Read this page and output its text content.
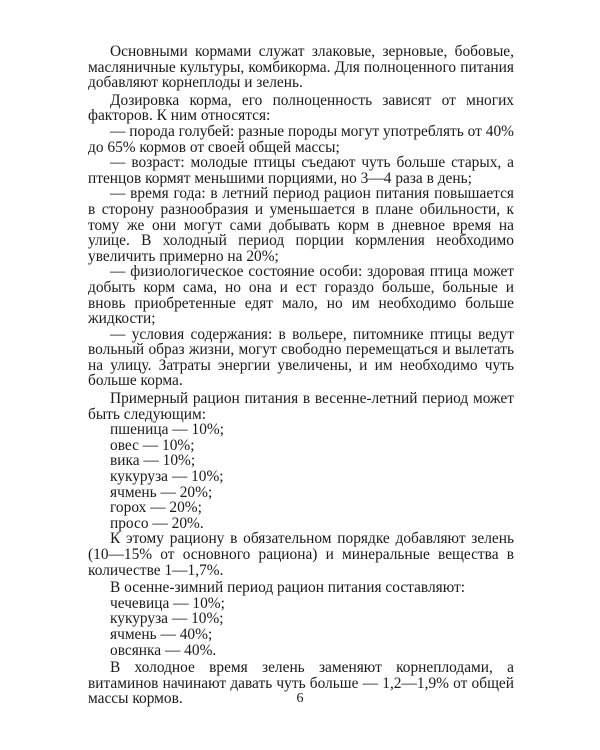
Основными кормами служат злаковые, зерновые, бобовые, масляничные культуры, комбикорма. Для полноценного питания добавляют корнеплоды и зелень.

Дозировка корма, его полноценность зависят от многих факторов. К ним относятся:

— порода голубей: разные породы могут употреблять от 40% до 65% кормов от своей общей массы;

— возраст: молодые птицы съедают чуть больше старых, а птенцов кормят меньшими порциями, но 3—4 раза в день;

— время года: в летний период рацион питания повышается в сторону разнообразия и уменьшается в плане обильности, к тому же они могут сами добывать корм в дневное время на улице. В холодный период порции кормления необходимо увеличить примерно на 20%;

— физиологическое состояние особи: здоровая птица может добыть корм сама, но она и ест гораздо больше, больные и вновь приобретенные едят мало, но им необходимо больше жидкости;

— условия содержания: в вольере, питомнике птицы ведут вольный образ жизни, могут свободно перемещаться и вылетать на улицу. Затраты энергии увеличены, и им необходимо чуть больше корма.

Примерный рацион питания в весенне-летний период может быть следующим:

пшеница — 10%;
овес — 10%;
вика — 10%;
кукуруза — 10%;
ячмень — 20%;
горох — 20%;
просо — 20%.

К этому рациону в обязательном порядке добавляют зелень (10—15% от основного рациона) и минеральные вещества в количестве 1—1,7%.

В осенне-зимний период рацион питания составляют:

чечевица — 10%;
кукуруза — 10%;
ячмень — 40%;
овсянка — 40%.

В холодное время зелень заменяют корнеплодами, а витаминов начинают давать чуть больше — 1,2—1,9% от общей массы кормов.	6
